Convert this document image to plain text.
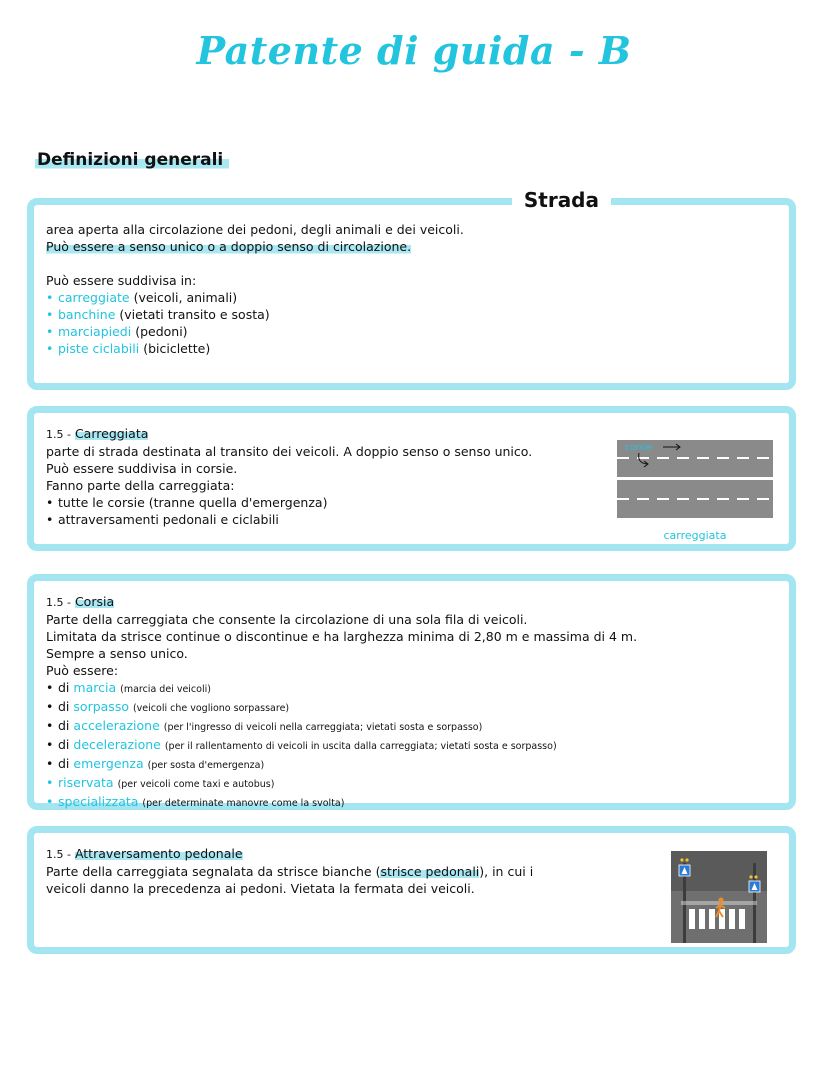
Patente di guida - B
Definizioni generali
Strada
area aperta alla circolazione dei pedoni, degli animali e dei veicoli.
Può essere a senso unico o a doppio senso di circolazione.
Può essere suddivisa in:
• carreggiate (veicoli, animali)
• banchine (vietati transito e sosta)
• marciapiedi (pedoni)
• piste ciclabili (biciclette)
1.5 - Carreggiata
parte di strada destinata al transito dei veicoli. A doppio senso o senso unico.
Può essere suddivisa in corsie.
Fanno parte della carreggiata:
• tutte le corsie (tranne quella d'emergenza)
• attraversamenti pedonali e ciclabili
corsie
carreggiata
1.5 - Corsia
Parte della carreggiata che consente la circolazione di una sola fila di veicoli.
Limitata da strisce continue o discontinue e ha larghezza minima di 2,80 m e massima di 4 m.
Sempre a senso unico.
Può essere:
• di marcia (marcia dei veicoli)
• di sorpasso (veicoli che vogliono sorpassare)
• di accelerazione (per l'ingresso di veicoli nella carreggiata; vietati sosta e sorpasso)
• di decelerazione (per il rallentamento di veicoli in uscita dalla carreggiata; vietati sosta e sorpasso)
• di emergenza (per sosta d'emergenza)
• riservata (per veicoli come taxi e autobus)
• specializzata (per determinate manovre come la svolta)
1.5 - Attraversamento pedonale
Parte della carreggiata segnalata da strisce bianche (strisce pedonali), in cui i
veicoli danno la precedenza ai pedoni. Vietata la fermata dei veicoli.
